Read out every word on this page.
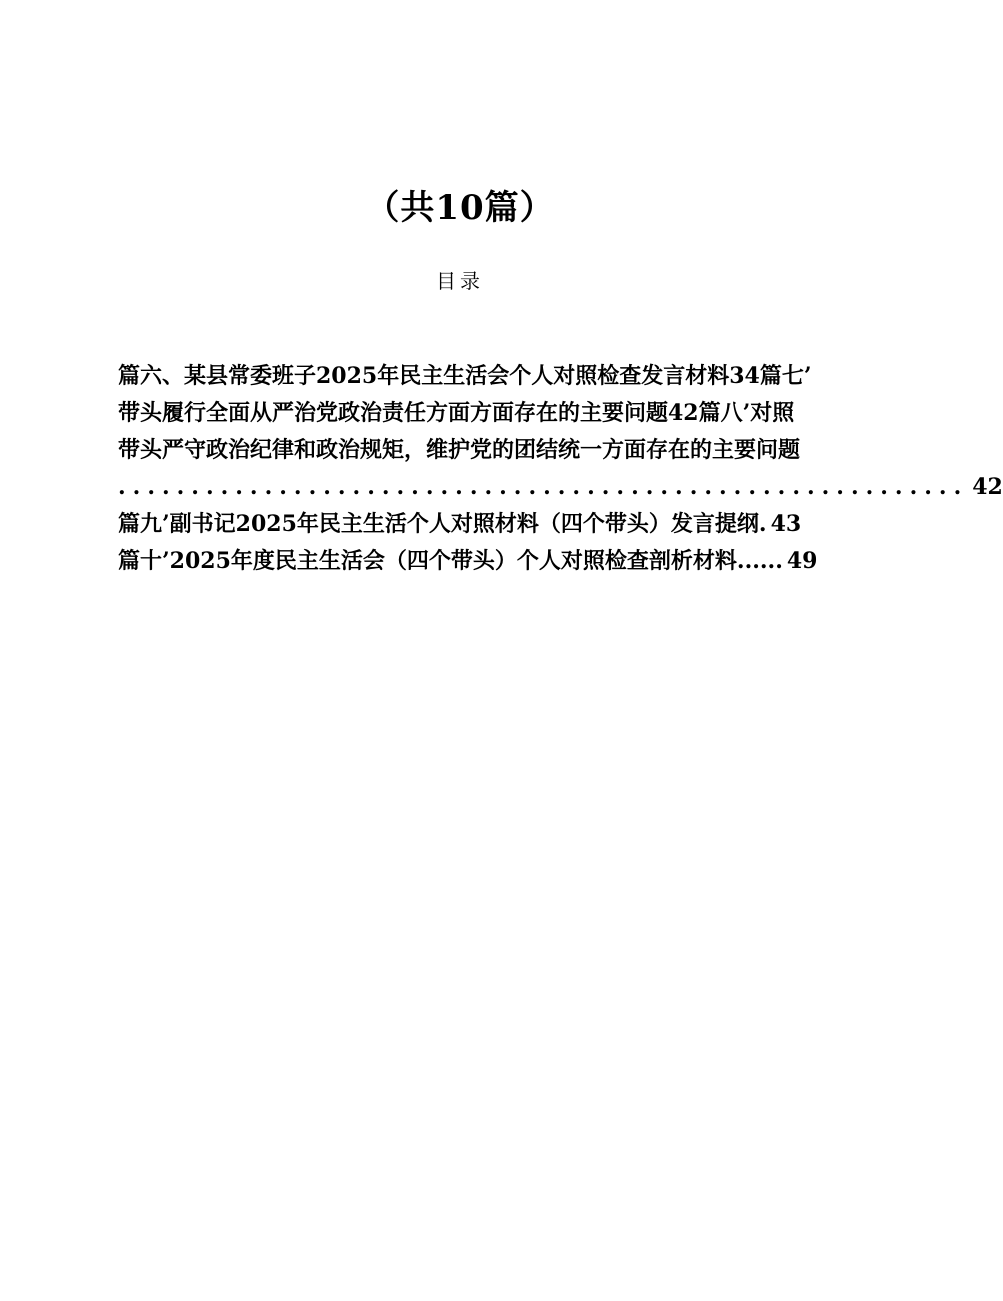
（共10篇）
目录
篇六、某县常委班子2025年民主生活会个人对照检查发言材料34篇七’
带头履行全面从严治党政治责任方面方面存在的主要问题42篇八’对照
带头严守政治纪律和政治规矩，维护党的团结统一方面存在的主要问题
.......................................................... 42
篇九’副书记2025年民主生活个人对照材料（四个带头）发言提纲 . 43
篇十’2025年度民主生活会（四个带头）个人对照检查剖析材料 ...... 49
